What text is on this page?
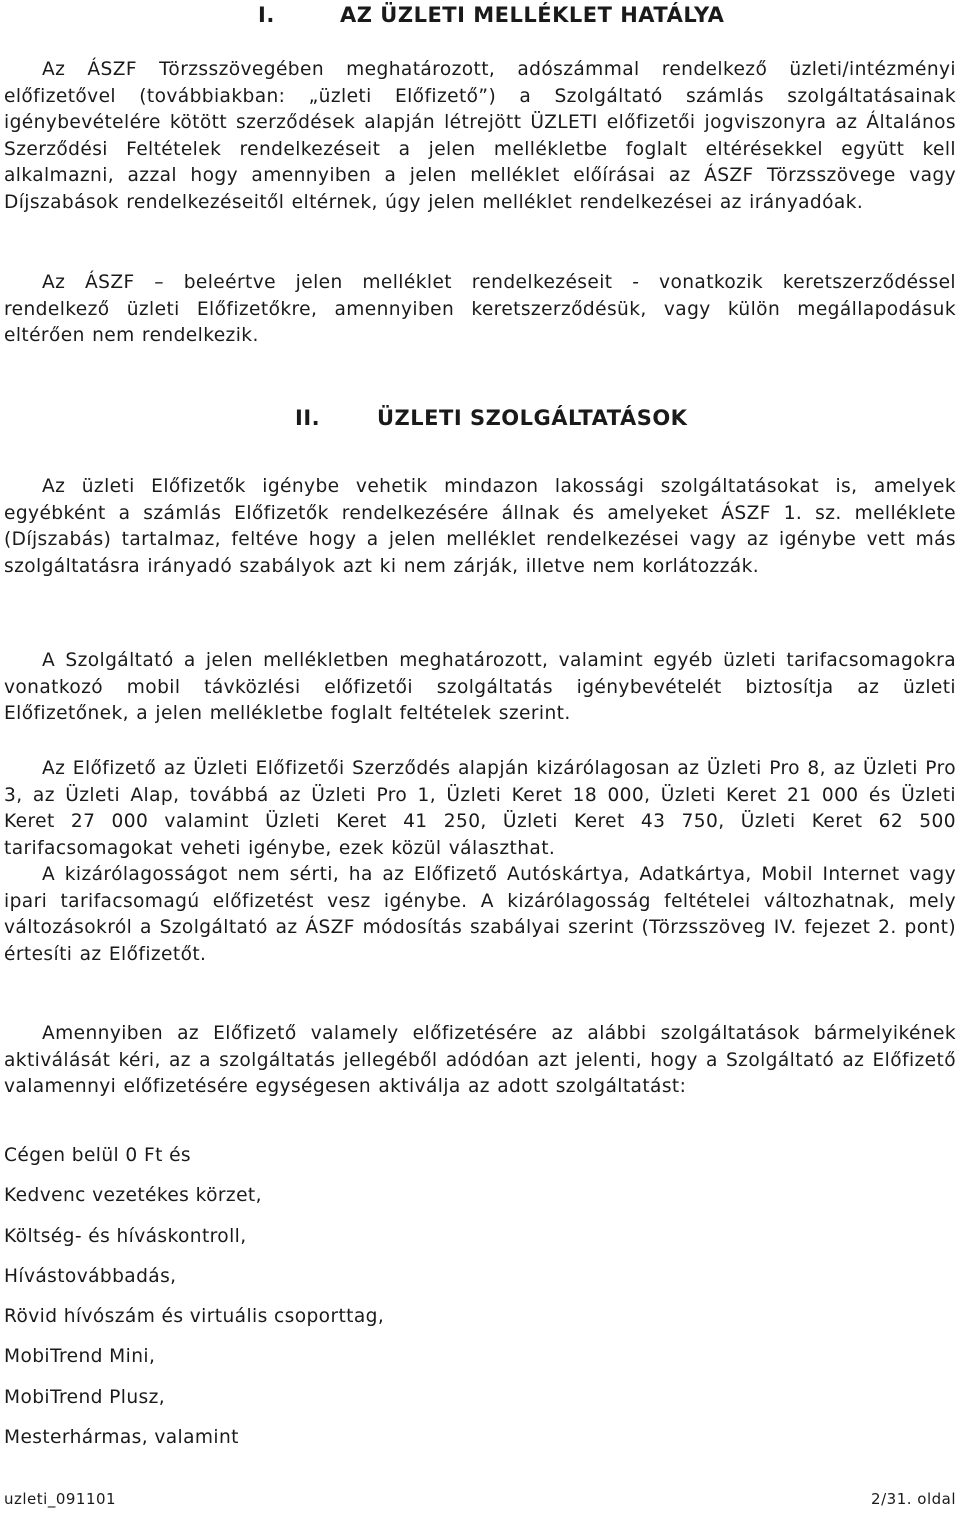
I.	AZ ÜZLETI MELLÉKLET HATÁLYA
Az ÁSZF Törzsszövegében meghatározott, adószámmal rendelkező üzleti/intézményi előfizetővel (továbbiakban: „üzleti Előfizető”) a Szolgáltató számlás szolgáltatásainak igénybevételére kötött szerződések alapján létrejött ÜZLETI előfizetői jogviszonyra az Általános Szerződési Feltételek rendelkezéseit a jelen mellékletbe foglalt eltérésekkel együtt kell alkalmazni, azzal hogy amennyiben a jelen melléklet előírásai az ÁSZF Törzsszövege vagy Díjszabások rendelkezéseitől eltérnek, úgy jelen melléklet rendelkezései az irányadóak.
Az ÁSZF – beleértve jelen melléklet rendelkezéseit - vonatkozik keretszerződéssel rendelkező üzleti Előfizetőkre, amennyiben keretszerződésük, vagy külön megállapodásuk eltérően nem rendelkezik.
II.	ÜZLETI SZOLGÁLTATÁSOK
Az üzleti Előfizetők igénybe vehetik mindazon lakossági szolgáltatásokat is, amelyek egyébként a számlás Előfizetők rendelkezésére állnak és amelyeket ÁSZF 1. sz. melléklete (Díjszabás) tartalmaz, feltéve hogy a jelen melléklet rendelkezései vagy az igénybe vett más szolgáltatásra irányadó szabályok azt ki nem zárják, illetve nem korlátozzák.
A Szolgáltató a jelen mellékletben meghatározott, valamint egyéb üzleti tarifacsomagokra vonatkozó mobil távközlési előfizetői szolgáltatás igénybevételét biztosítja az üzleti Előfizetőnek, a jelen mellékletbe foglalt feltételek szerint.
Az Előfizető az Üzleti Előfizetői Szerződés alapján kizárólagosan az Üzleti Pro 8, az Üzleti Pro 3, az Üzleti Alap, továbbá az Üzleti Pro 1, Üzleti Keret 18 000, Üzleti Keret 21 000 és Üzleti Keret 27 000 valamint Üzleti Keret 41 250, Üzleti Keret 43 750, Üzleti Keret 62 500 tarifacsomagokat veheti igénybe, ezek közül választhat.
A kizárólagosságot nem sérti, ha az Előfizető Autóskártya, Adatkártya, Mobil Internet vagy ipari tarifacsomagú előfizetést vesz igénybe. A kizárólagosság feltételei változhatnak, mely változásokról a Szolgáltató az ÁSZF módosítás szabályai szerint (Törzsszöveg IV. fejezet 2. pont) értesíti az Előfizetőt.
Amennyiben az Előfizető valamely előfizetésére az alábbi szolgáltatások bármelyikének aktiválását kéri, az a szolgáltatás jellegéből adódóan azt jelenti, hogy a Szolgáltató az Előfizető valamennyi előfizetésére egységesen aktiválja az adott szolgáltatást:
Cégen belül 0 Ft és
Kedvenc vezetékes körzet,
Költség- és híváskontroll,
Hívástovábbadás,
Rövid hívószám és virtuális csoporttag,
MobiTrend Mini,
MobiTrend Plusz,
Mesterhármas, valamint
uzleti_091101	2/31. oldal
